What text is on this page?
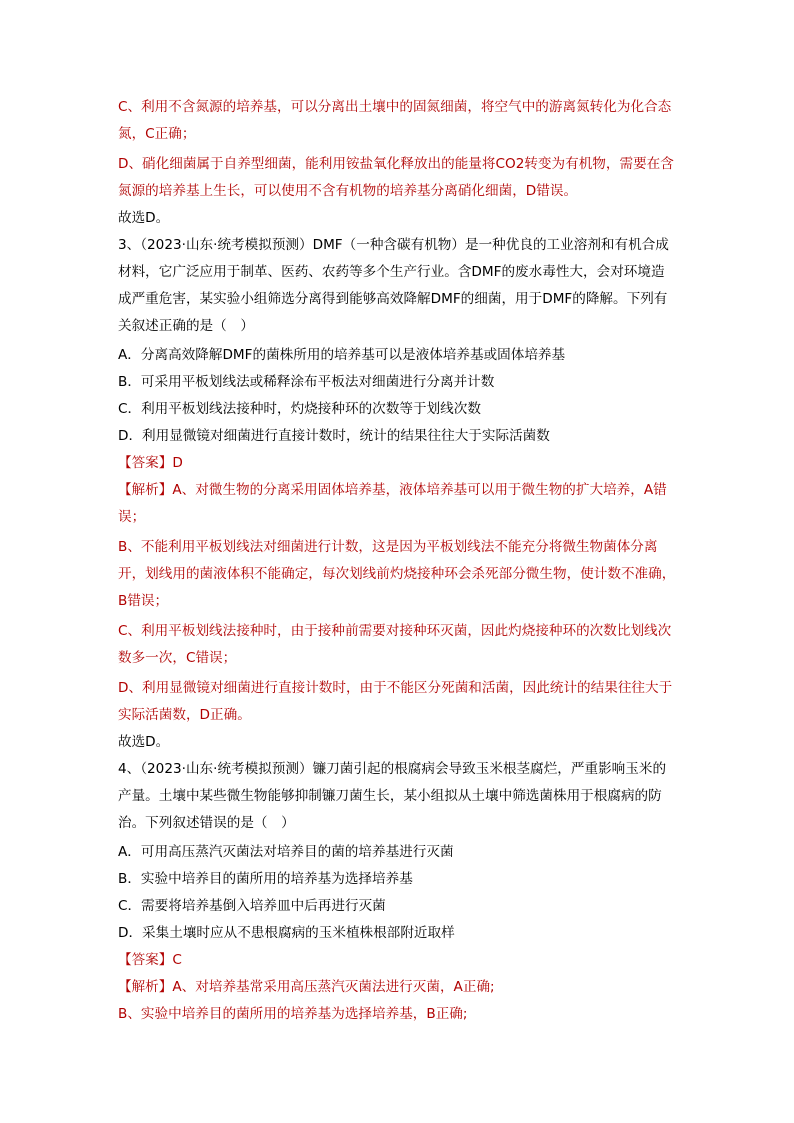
C、利用不含氮源的培养基，可以分离出土壤中的固氮细菌，将空气中的游离氮转化为化合态氮，C正确；

D、硝化细菌属于自养型细菌，能利用铵盐氧化释放出的能量将CO2转变为有机物，需要在含氮源的培养基上生长，可以使用不含有机物的培养基分离硝化细菌，D错误。

故选D。

3、（2023·山东·统考模拟预测）DMF（一种含碳有机物）是一种优良的工业溶剂和有机合成材料，它广泛应用于制革、医药、农药等多个生产行业。含DMF的废水毒性大，会对环境造成严重危害，某实验小组筛选分离得到能够高效降解DMF的细菌，用于DMF的降解。下列有关叙述正确的是（　）

A．分离高效降解DMF的菌株所用的培养基可以是液体培养基或固体培养基

B．可采用平板划线法或稀释涂布平板法对细菌进行分离并计数

C．利用平板划线法接种时，灼烧接种环的次数等于划线次数

D．利用显微镜对细菌进行直接计数时，统计的结果往往大于实际活菌数

【答案】D

【解析】A、对微生物的分离采用固体培养基，液体培养基可以用于微生物的扩大培养，A错误；

B、不能利用平板划线法对细菌进行计数，这是因为平板划线法不能充分将微生物菌体分离开，划线用的菌液体积不能确定，每次划线前灼烧接种环会杀死部分微生物，使计数不准确，B错误；

C、利用平板划线法接种时，由于接种前需要对接种环灭菌，因此灼烧接种环的次数比划线次数多一次，C错误；

D、利用显微镜对细菌进行直接计数时，由于不能区分死菌和活菌，因此统计的结果往往大于实际活菌数，D正确。

故选D。

4、（2023·山东·统考模拟预测）镰刀菌引起的根腐病会导致玉米根茎腐烂，严重影响玉米的产量。土壤中某些微生物能够抑制镰刀菌生长，某小组拟从土壤中筛选菌株用于根腐病的防治。下列叙述错误的是（　）

A．可用高压蒸汽灭菌法对培养目的菌的培养基进行灭菌

B．实验中培养目的菌所用的培养基为选择培养基

C．需要将培养基倒入培养皿中后再进行灭菌

D．采集土壤时应从不患根腐病的玉米植株根部附近取样

【答案】C

【解析】A、对培养基常采用高压蒸汽灭菌法进行灭菌，A正确;

B、实验中培养目的菌所用的培养基为选择培养基，B正确;
